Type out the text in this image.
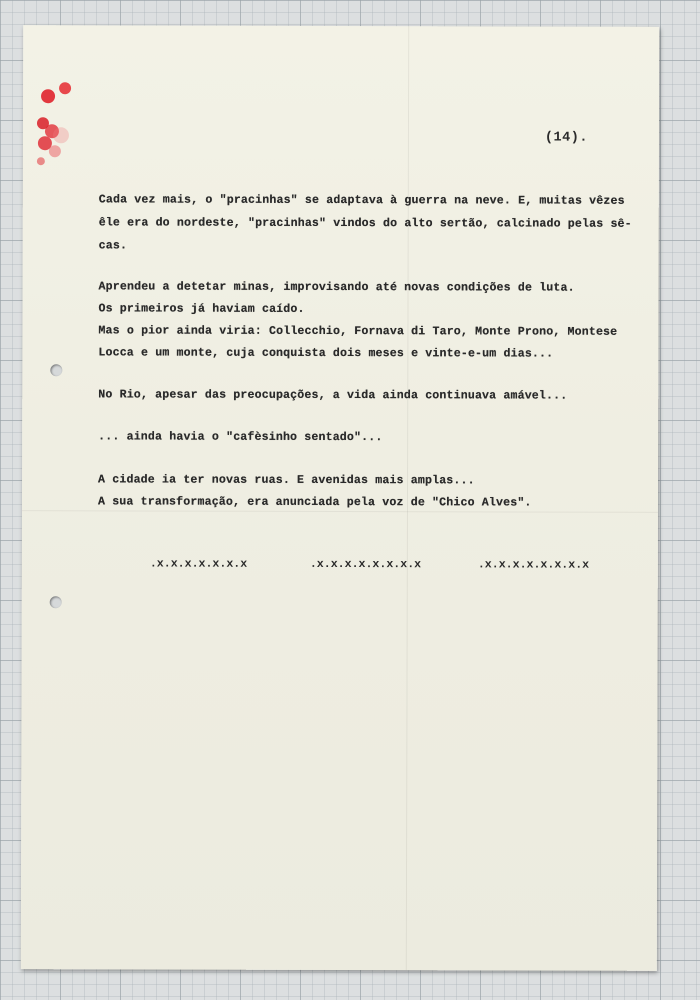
(14).
Cada vez mais, o "pracinhas" se adaptava à guerra na neve. E, muitas vêzes
êle era do nordeste, "pracinhas" vindos do alto sertão, calcinado pelas sê-
cas.
Aprendeu a detetar minas, improvisando até novas condições de luta.
Os primeiros já haviam caído.
Mas o pior ainda viria: Collecchio, Fornava di Taro, Monte Prono, Montese
Locca e um monte, cuja conquista dois meses e vinte-e-um dias...
No Rio, apesar das preocupações, a vida ainda continuava amável...
... ainda havia o "cafèsinho sentado"...
A cidade ia ter novas ruas. E avenidas mais amplas...
A sua transformação, era anunciada pela voz de "Chico Alves".
.x.x.x.x.x.x.x	.x.x.x.x.x.x.x.x	.x.x.x.x.x.x.x.x
